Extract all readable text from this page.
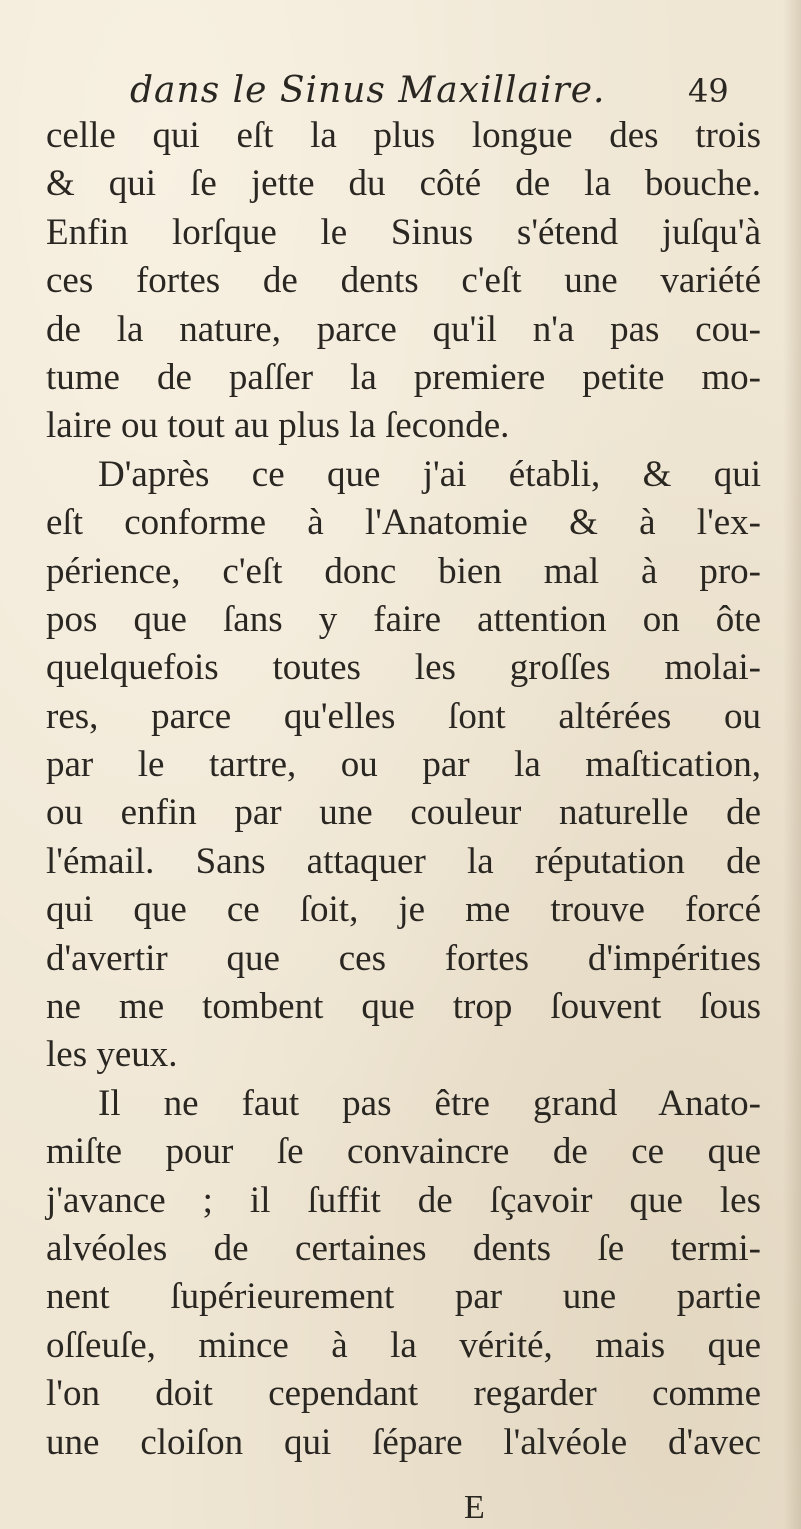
dans le Sinus Maxillaire.	49
celle qui eſt la plus longue des trois
& qui ſe jette du côté de la bouche.
Enfin lorſque le Sinus s'étend juſqu'à
ces fortes de dents c'eſt une variété
de la nature, parce qu'il n'a pas cou-
tume de paſſer la premiere petite mo-
laire ou tout au plus la ſeconde.
D'après ce que j'ai établi, & qui
eſt conforme à l'Anatomie & à l'ex-
périence, c'eſt donc bien mal à pro-
pos que ſans y faire attention on ôte
quelquefois toutes les groſſes molai-
res, parce qu'elles ſont altérées ou
par le tartre, ou par la maſtication,
ou enfin par une couleur naturelle de
l'émail. Sans attaquer la réputation de
qui que ce ſoit, je me trouve forcé
d'avertir que ces fortes d'impéritıes
ne me tombent que trop ſouvent ſous
les yeux.
Il ne faut pas être grand Anato-
miſte pour ſe convaincre de ce que
j'avance ; il ſuffit de ſçavoir que les
alvéoles de certaines dents ſe termi-
nent ſupérieurement par une partie
oſſeuſe, mince à la vérité, mais que
l'on doit cependant regarder comme
une cloiſon qui ſépare l'alvéole d'avec
E
